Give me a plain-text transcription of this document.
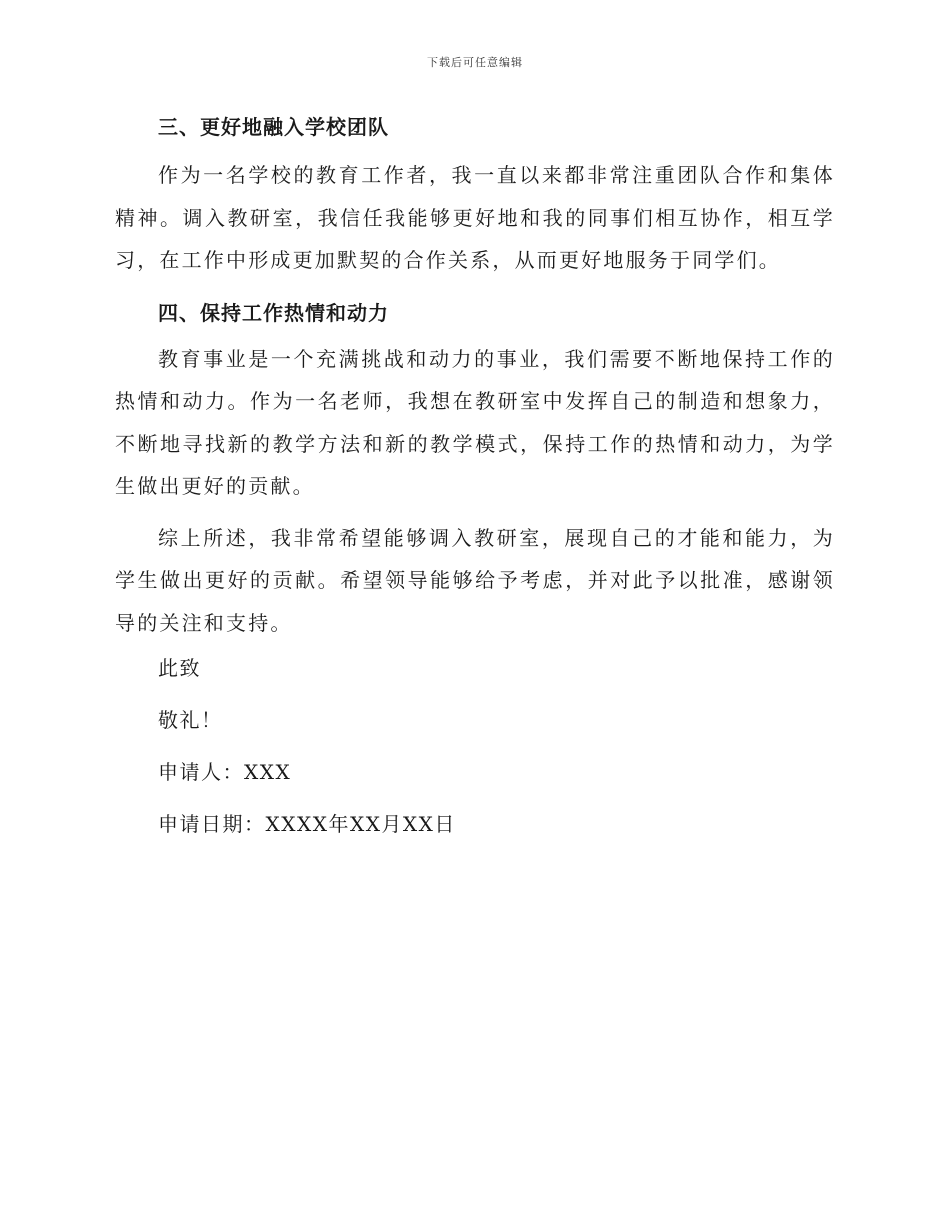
下载后可任意编辑

三、更好地融入学校团队

作为一名学校的教育工作者，我一直以来都非常注重团队合作和集体精神。调入教研室，我信任我能够更好地和我的同事们相互协作，相互学习，在工作中形成更加默契的合作关系，从而更好地服务于同学们。

四、保持工作热情和动力

教育事业是一个充满挑战和动力的事业，我们需要不断地保持工作的热情和动力。作为一名老师，我想在教研室中发挥自己的制造和想象力，不断地寻找新的教学方法和新的教学模式，保持工作的热情和动力，为学生做出更好的贡献。

综上所述，我非常希望能够调入教研室，展现自己的才能和能力，为学生做出更好的贡献。希望领导能够给予考虑，并对此予以批准，感谢领导的关注和支持。

此致

敬礼！

申请人：XXX

申请日期：XXXX年XX月XX日
